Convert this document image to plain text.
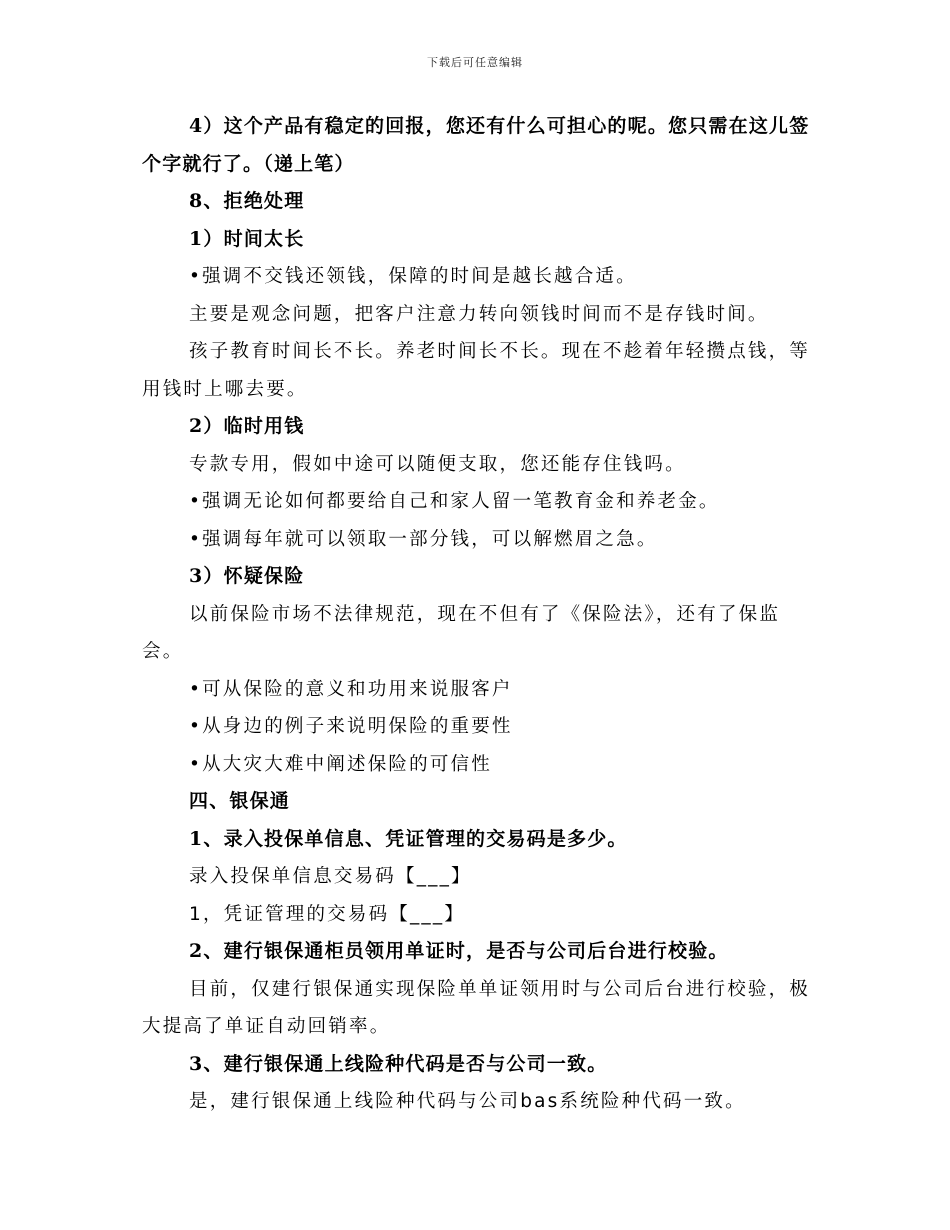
下载后可任意编辑

4）这个产品有稳定的回报，您还有什么可担心的呢。您只需在这儿签个字就行了。（递上笔）

8、拒绝处理

1）时间太长

•强调不交钱还领钱，保障的时间是越长越合适。

主要是观念问题，把客户注意力转向领钱时间而不是存钱时间。

孩子教育时间长不长。养老时间长不长。现在不趁着年轻攒点钱，等用钱时上哪去要。

2）临时用钱

专款专用，假如中途可以随便支取，您还能存住钱吗。

•强调无论如何都要给自己和家人留一笔教育金和养老金。

•强调每年就可以领取一部分钱，可以解燃眉之急。

3）怀疑保险

以前保险市场不法律规范，现在不但有了《保险法》，还有了保监会。

•可从保险的意义和功用来说服客户

•从身边的例子来说明保险的重要性

•从大灾大难中阐述保险的可信性

四、银保通

1、录入投保单信息、凭证管理的交易码是多少。

录入投保单信息交易码【___】

1，凭证管理的交易码【___】

2、建行银保通柜员领用单证时，是否与公司后台进行校验。

目前，仅建行银保通实现保险单单证领用时与公司后台进行校验，极大提高了单证自动回销率。

3、建行银保通上线险种代码是否与公司一致。

是，建行银保通上线险种代码与公司bas系统险种代码一致。
